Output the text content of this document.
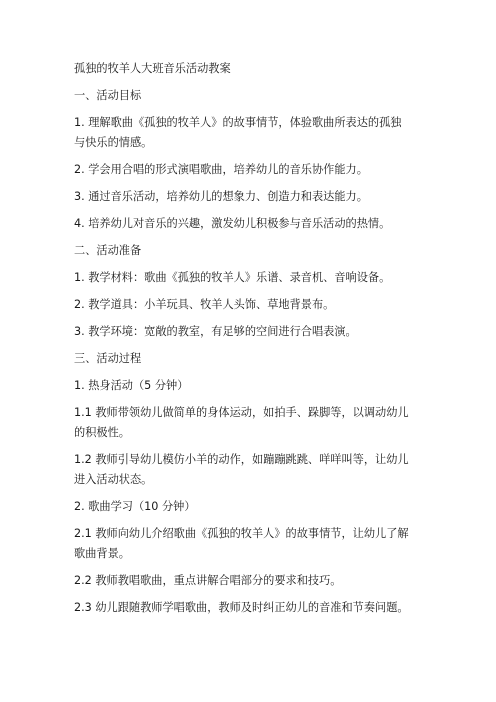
孤独的牧羊人大班音乐活动教案

一、活动目标

1. 理解歌曲《孤独的牧羊人》的故事情节，体验歌曲所表达的孤独

与快乐的情感。

2. 学会用合唱的形式演唱歌曲，培养幼儿的音乐协作能力。

3. 通过音乐活动，培养幼儿的想象力、创造力和表达能力。

4. 培养幼儿对音乐的兴趣，激发幼儿积极参与音乐活动的热情。

二、活动准备

1. 教学材料：歌曲《孤独的牧羊人》乐谱、录音机、音响设备。

2. 教学道具：小羊玩具、牧羊人头饰、草地背景布。

3. 教学环境：宽敞的教室，有足够的空间进行合唱表演。

三、活动过程

1. 热身活动（5 分钟）

1.1 教师带领幼儿做简单的身体运动，如拍手、跺脚等，以调动幼儿

的积极性。

1.2 教师引导幼儿模仿小羊的动作，如蹦蹦跳跳、咩咩叫等，让幼儿

进入活动状态。

2. 歌曲学习（10 分钟）

2.1 教师向幼儿介绍歌曲《孤独的牧羊人》的故事情节，让幼儿了解

歌曲背景。

2.2 教师教唱歌曲，重点讲解合唱部分的要求和技巧。

2.3 幼儿跟随教师学唱歌曲，教师及时纠正幼儿的音准和节奏问题。
